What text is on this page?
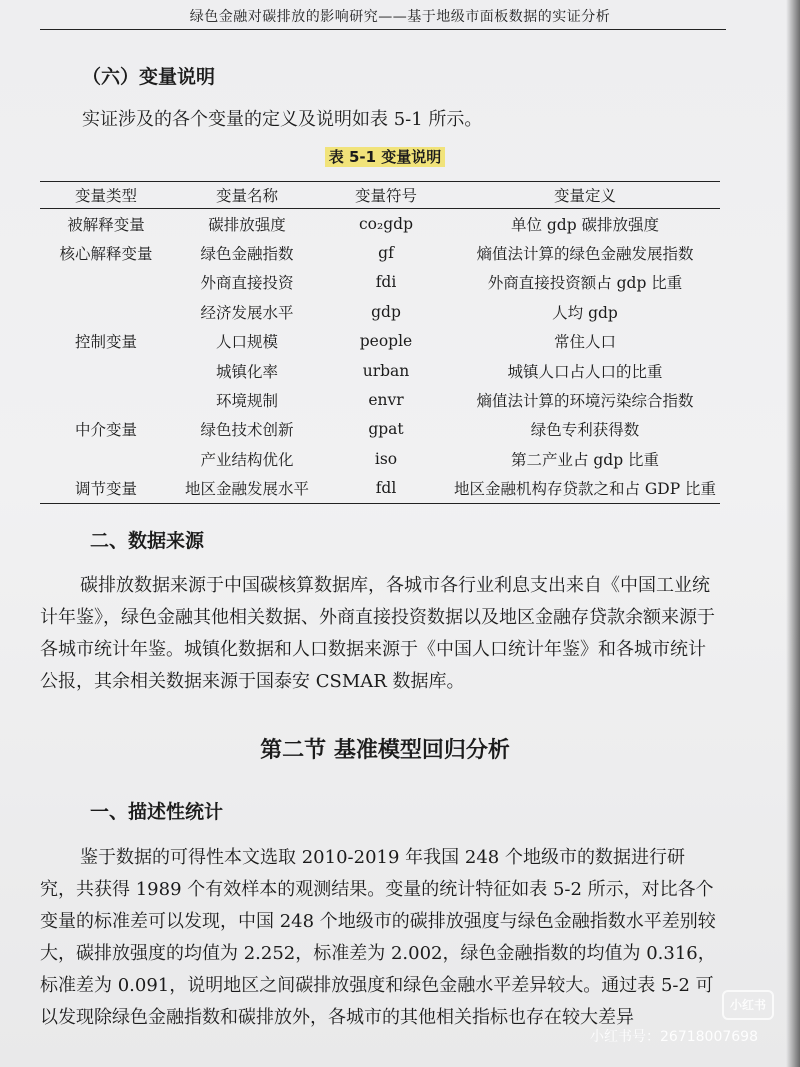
绿色金融对碳排放的影响研究——基于地级市面板数据的实证分析
（六）变量说明
实证涉及的各个变量的定义及说明如表 5-1 所示。
表 5-1 变量说明
变量类型	变量名称	变量符号	变量定义
被解释变量	碳排放强度	co₂gdp	单位 gdp 碳排放强度
核心解释变量	绿色金融指数	gf	熵值法计算的绿色金融发展指数
	外商直接投资	fdi	外商直接投资额占 gdp 比重
	经济发展水平	gdp	人均 gdp
控制变量	人口规模	people	常住人口
	城镇化率	urban	城镇人口占人口的比重
	环境规制	envr	熵值法计算的环境污染综合指数
中介变量	绿色技术创新	gpat	绿色专利获得数
	产业结构优化	iso	第二产业占 gdp 比重
调节变量	地区金融发展水平	fdl	地区金融机构存贷款之和占 GDP 比重
二、数据来源
碳排放数据来源于中国碳核算数据库，各城市各行业利息支出来自《中国工业统计年鉴》，绿色金融其他相关数据、外商直接投资数据以及地区金融存贷款余额来源于各城市统计年鉴。城镇化数据和人口数据来源于《中国人口统计年鉴》和各城市统计公报，其余相关数据来源于国泰安 CSMAR 数据库。
第二节 基准模型回归分析
一、描述性统计
鉴于数据的可得性本文选取 2010-2019 年我国 248 个地级市的数据进行研究，共获得 1989 个有效样本的观测结果。变量的统计特征如表 5-2 所示，对比各个变量的标准差可以发现，中国 248 个地级市的碳排放强度与绿色金融指数水平差别较大，碳排放强度的均值为 2.252，标准差为 2.002，绿色金融指数的均值为 0.316，标准差为 0.091，说明地区之间碳排放强度和绿色金融水平差异较大。通过表 5-2 可以发现除绿色金融指数和碳排放外，各城市的其他相关指标也存在较大差异
小红书
小红书号：26718007698
